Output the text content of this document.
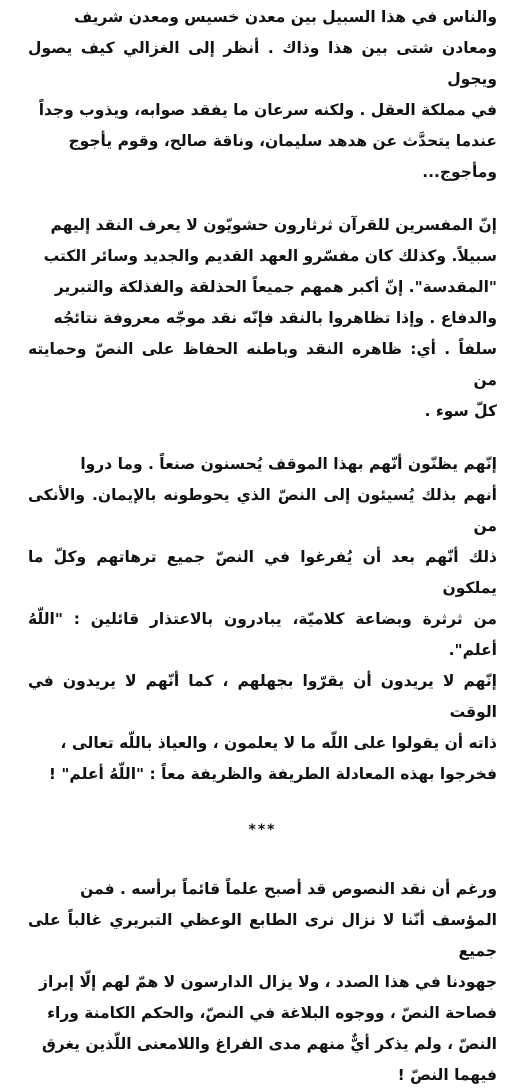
والناس في هذا السبيل بين معدن خسيس ومعدن شريف
ومعادن شتى بين هذا وذاك . أنظر إلى الغزالي كيف يصول ويجول
في مملكة العقل . ولكنه سرعان ما يفقد صوابه، ويذوب وجداً
عندما يتحدَّث عن هدهد سليمان، وناقة صالح، وقوم يأجوج
ومأجوج...

إنّ المفسرين للقرآن ثرثارون حشويّون لا يعرف النقد إليهم
سبيلاً. وكذلك كان مفسّرو العهد القديم والجديد وسائر الكتب
"المقدسة". إنّ أكبر همهم جميعاً الحذلقة والفذلكة والتبرير
والدفاع . وإذا تظاهروا بالنقد فإنّه نقد موجّه معروفة نتائجُه
سلفاً . أي: ظاهره النقد وباطنه الحفاظ على النصّ وحمايته من
كلّ سوء .

إنّهم يظنّون أنّهم بهذا الموقف يُحسنون صنعاً . وما دروا
أنهم بذلك يُسيئون إلى النصّ الذي يحوطونه بالإيمان. والأنكى من
ذلك أنّهم بعد أن يُفرغوا في النصّ جميع ترهاتهم وكلّ ما يملكون
من ثرثرة وبضاعة كلاميّة، يبادرون بالاعتذار قائلين : "اللّهُ أعلم".
إنّهم لا يريدون أن يقرّوا بجهلهم ، كما أنّهم لا يريدون في الوقت
ذاته أن يقولوا على اللّه ما لا يعلمون ، والعياذ باللّه تعالى ،
فخرجوا بهذه المعادلة الطريفة والظريفة معاً : "اللّهُ أعلم" !

***

ورغم أن نقد النصوص قد أصبح علماً قائماً برأسه . فمن
المؤسف أنّنا لا نزال نرى الطابع الوعظي التبريري غالباً على جميع
جهودنا في هذا الصدد ، ولا يزال الدارسون لا همّ لهم إلّا إبراز
فصاحة النصّ ، ووجوه البلاغة في النصّ، والحكم الكامنة وراء
النصّ ، ولم يذكر أيٌّ منهم مدى الفراغ واللامعنى اللّذين يغرق
فيهما النصّ !
